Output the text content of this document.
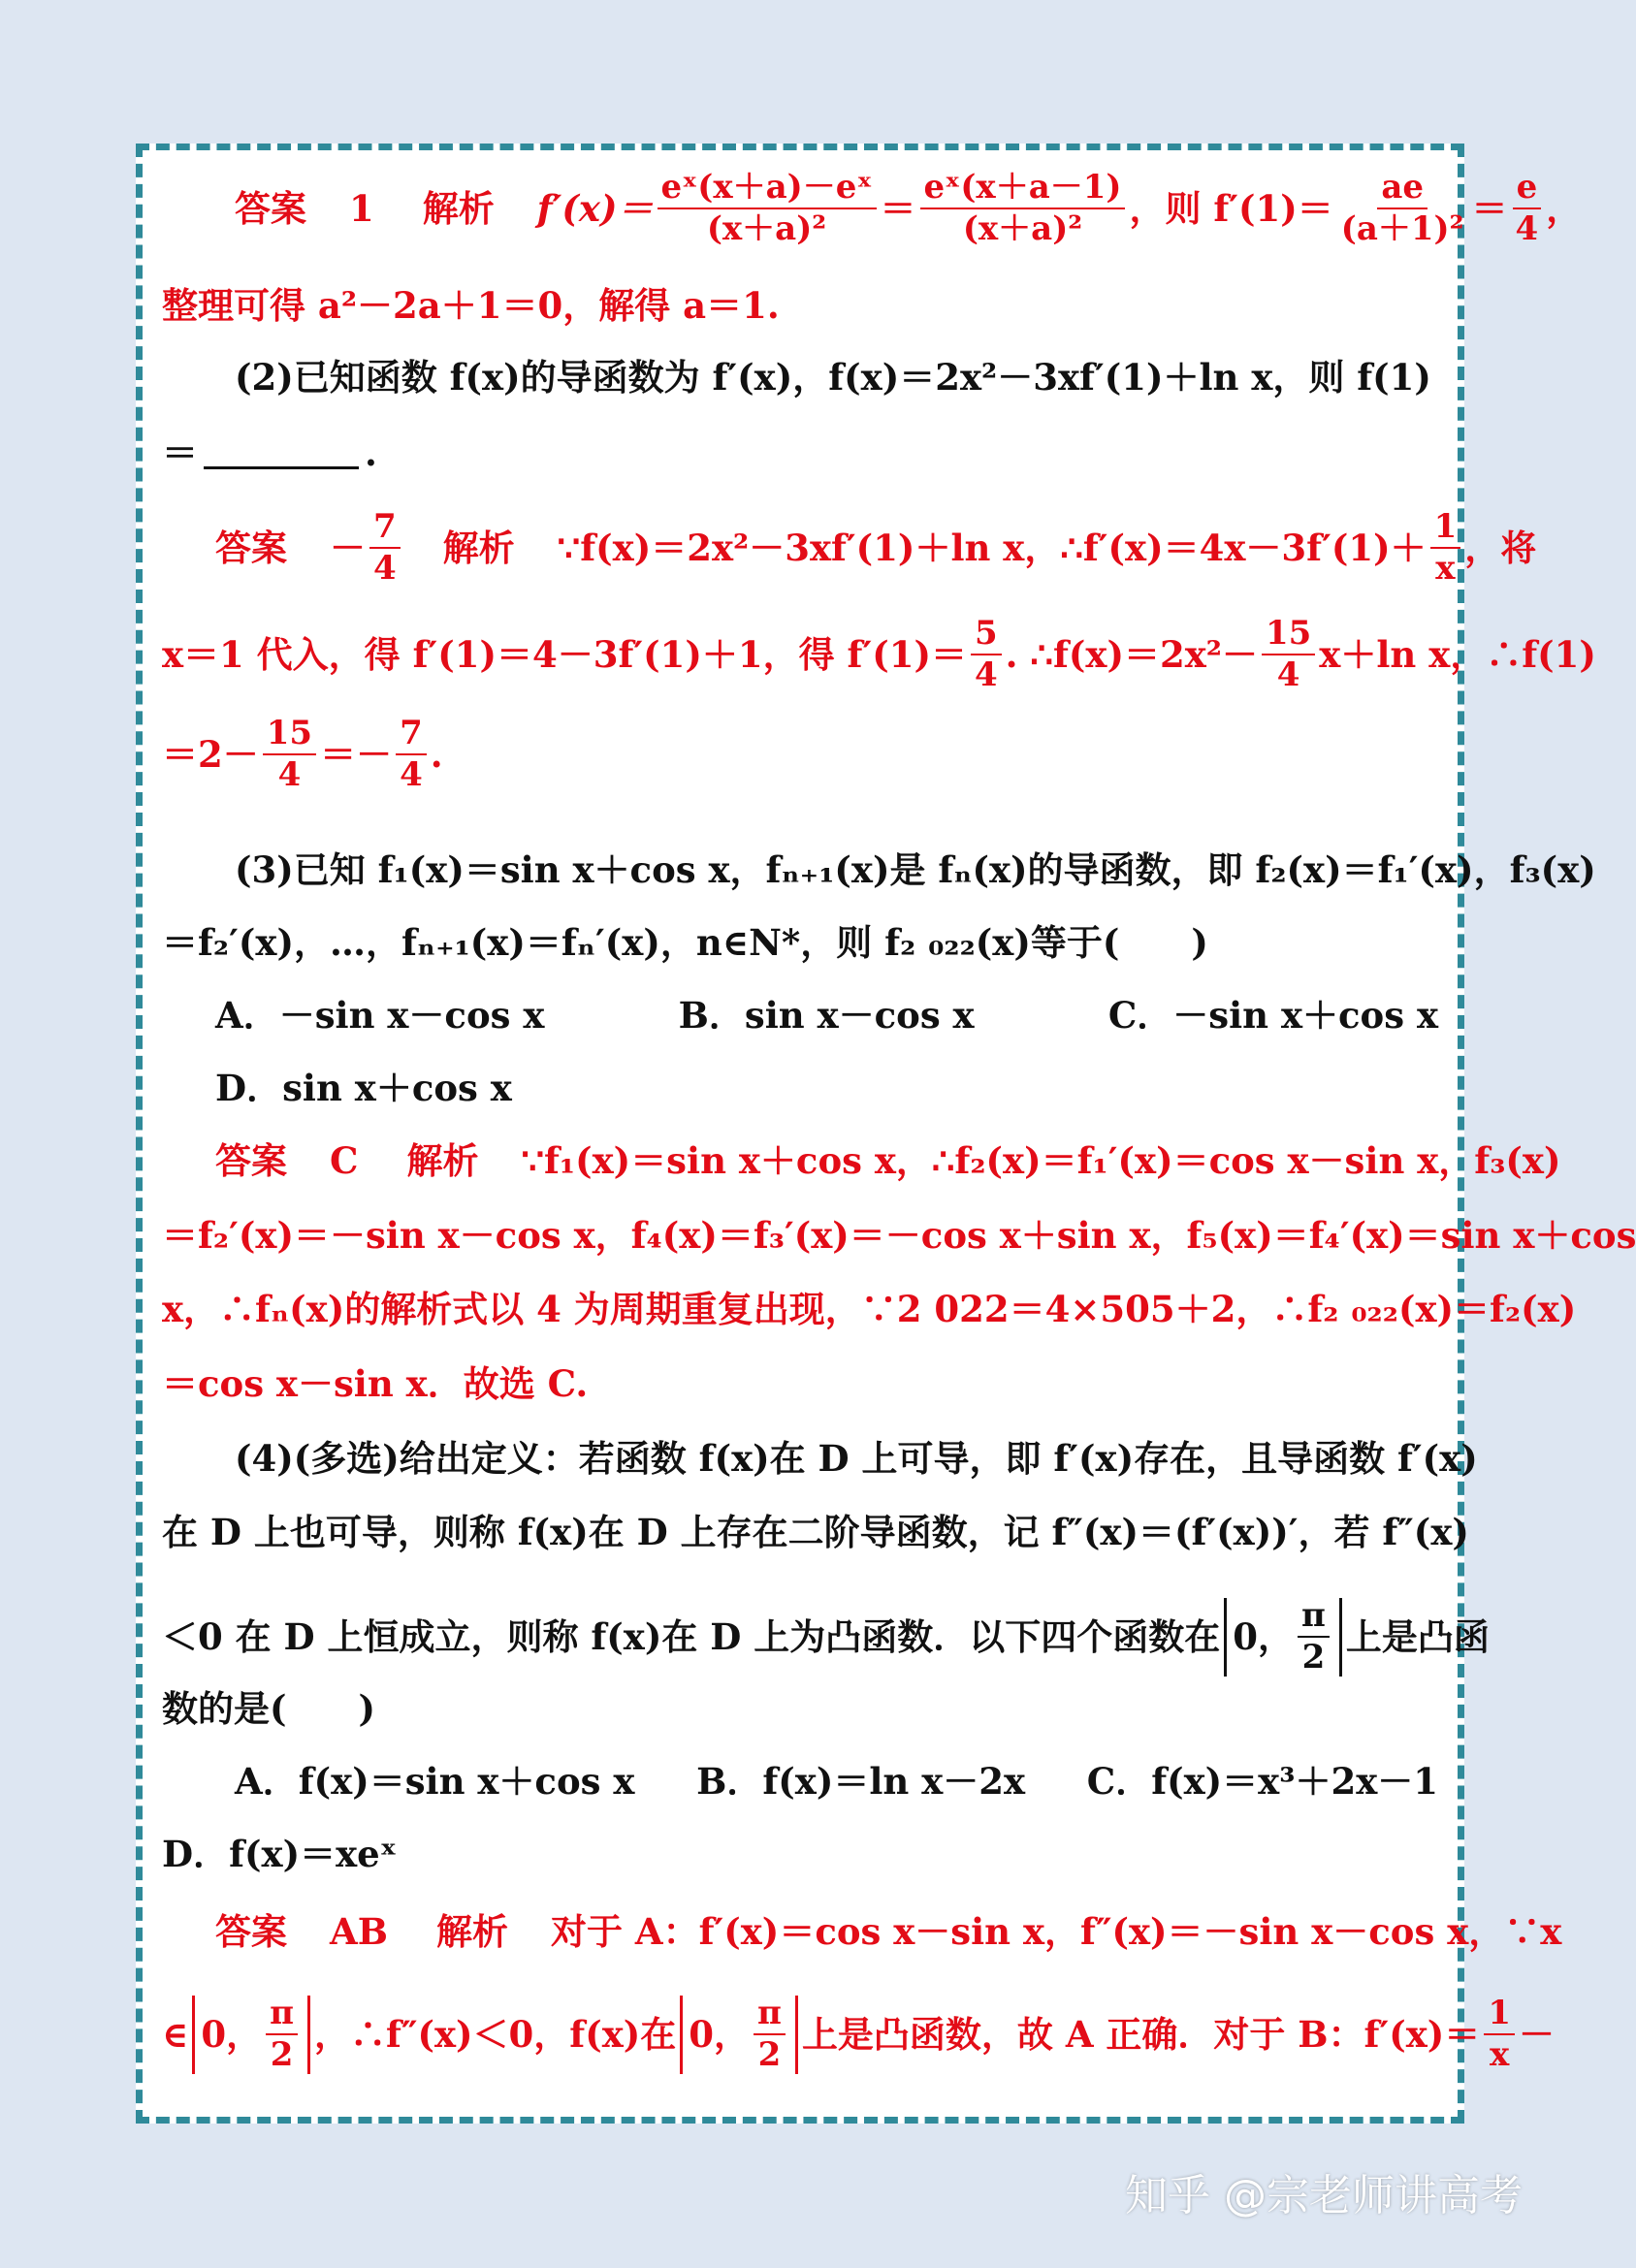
答案 1 解析 $f'(x)= \frac{\text{eˣ(x＋a)－eˣ}}{\text{(x＋a)²}} = \frac{\text{eˣ(x＋a－1)}}{\text{(x＋a)²}}$ ，则 $f'(1)= \frac{ae}{\text{(a＋1)²}} = \frac{e}{4}$ ，
整理可得 a²－2a＋1＝0，解得 a＝1.
(2)已知函数 f(x)的导函数为 f′(x)，f(x)＝2x²－3xf′(1)＋ln x，则 f(1)
＝	.
答案 － $\frac{7}{4}$ 解析 ∵f(x)＝2x²－3xf′(1)＋ln x，∴f′(x)＝4x－3f′(1)＋ $\frac{1}{x}$ ，将
x＝1 代入，得 f′(1)＝4－3f′(1)＋1，得 $f'(1)= \frac{5}{4}$ . ∴f(x)＝2x²－ $\frac{15}{4} x+\ln$ x，∴f(1)
$=2- \frac{15}{4} =- \frac{7}{4}$ .
(3)已知 f₁(x)＝sin x＋cos x，fₙ₊₁(x)是 fₙ(x)的导函数，即 f₂(x)＝f₁′(x)，f₃(x)
＝f₂′(x)，…，fₙ₊₁(x)＝fₙ′(x)，n∈N*，则 f₂ ₀₂₂(x)等于(　　)
A．－sin x－cos x	B．sin x－cos x	C．－sin x＋cos x
D．sin x＋cos x
答案 C 解析 ∵f₁(x)＝sin x＋cos x，∴f₂(x)＝f₁′(x)＝cos x－sin x，f₃(x)
＝f₂′(x)＝－sin x－cos x，f₄(x)＝f₃′(x)＝－cos x＋sin x，f₅(x)＝f₄′(x)＝sin x＋cos
x，∴fₙ(x)的解析式以 4 为周期重复出现，∵2 022＝4×505＋2，∴f₂ ₀₂₂(x)＝f₂(x)
＝cos x－sin x．故选 C.
(4)(多选)给出定义：若函数 f(x)在 D 上可导，即 f′(x)存在，且导函数 f′(x)
在 D 上也可导，则称 f(x)在 D 上存在二阶导函数，记 f″(x)＝(f′(x))′，若 f″(x)
＜0 在 D 上恒成立，则称 f(x)在 D 上为凸函数．以下四个函数在 0， $\frac{\pi}{2}$ 上是凸函
数的是(　　)
A．f(x)＝sin x＋cos x B．f(x)＝ln x－2x C．f(x)＝x³＋2x－1
D．f(x)＝xeˣ
答案 AB 解析 对于 A：f′(x)＝cos x－sin x，f″(x)＝－sin x－cos x，∵x
∈ 0， $\frac{\pi}{2}$ ，∴f″(x)＜0，f(x)在 0， $\frac{\pi}{2}$ 上是凸函数，故 A 正确．对于 B：$f'(x)= \frac{1}{x}$ －
知乎 @宗老师讲高考
